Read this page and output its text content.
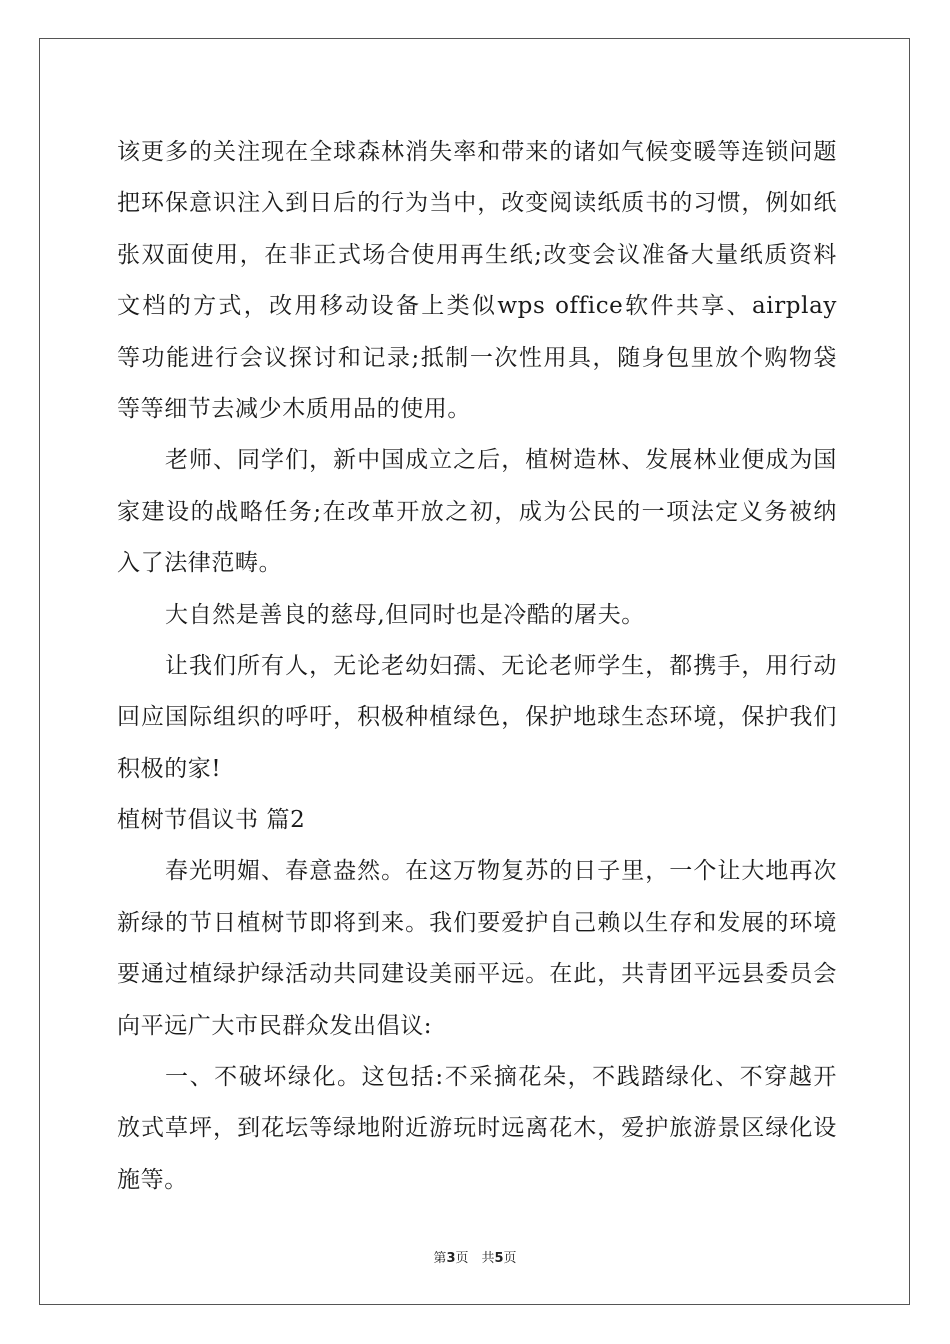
该更多的关注现在全球森林消失率和带来的诸如气候变暖等连锁问题
把环保意识注入到日后的行为当中，改变阅读纸质书的习惯，例如纸
张双面使用，在非正式场合使用再生纸;改变会议准备大量纸质资料
文档的方式，改用移动设备上类似wps office软件共享、airplay
等功能进行会议探讨和记录;抵制一次性用具，随身包里放个购物袋
等等细节去减少木质用品的使用。
老师、同学们，新中国成立之后，植树造林、发展林业便成为国
家建设的战略任务;在改革开放之初，成为公民的一项法定义务被纳
入了法律范畴。
大自然是善良的慈母,但同时也是冷酷的屠夫。
让我们所有人，无论老幼妇孺、无论老师学生，都携手，用行动
回应国际组织的呼吁，积极种植绿色，保护地球生态环境，保护我们
积极的家!
植树节倡议书 篇2
春光明媚、春意盎然。在这万物复苏的日子里，一个让大地再次
新绿的节日植树节即将到来。我们要爱护自己赖以生存和发展的环境
要通过植绿护绿活动共同建设美丽平远。在此，共青团平远县委员会
向平远广大市民群众发出倡议:
一、不破坏绿化。这包括:不采摘花朵，不践踏绿化、不穿越开
放式草坪，到花坛等绿地附近游玩时远离花木，爱护旅游景区绿化设
施等。
第3页　共5页
